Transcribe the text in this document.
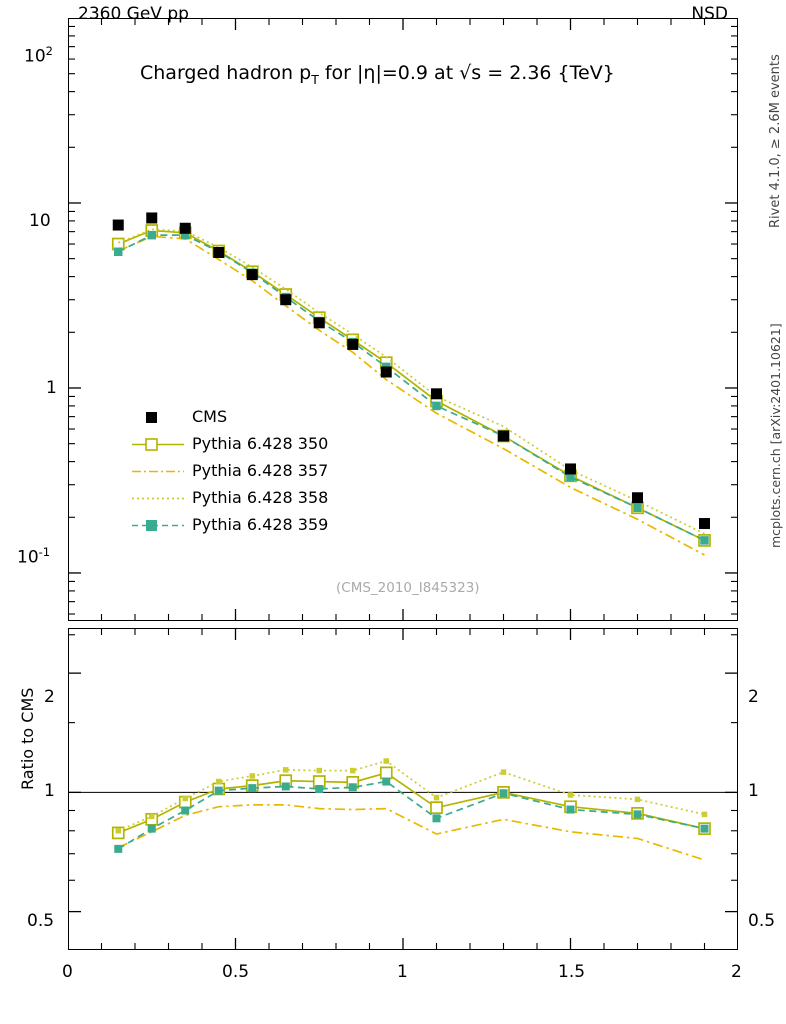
2360 GeV pp	NSD
Rivet 4.1.0, ≥ 2.6M events
mcplots.cern.ch [arXiv:2401.10621]
$10^2$
10
1
$10^{-1}$
Charged hadron $p_T$ for |η|=0.9 at √s = 2.36 {TeV}
(CMS_2010_I845323)
CMS
Pythia 6.428 350
Pythia 6.428 357
Pythia 6.428 358
Pythia 6.428 359
Ratio to CMS 2
1
0.5
2
1
0.5
0	0.5	1	1.5	2
